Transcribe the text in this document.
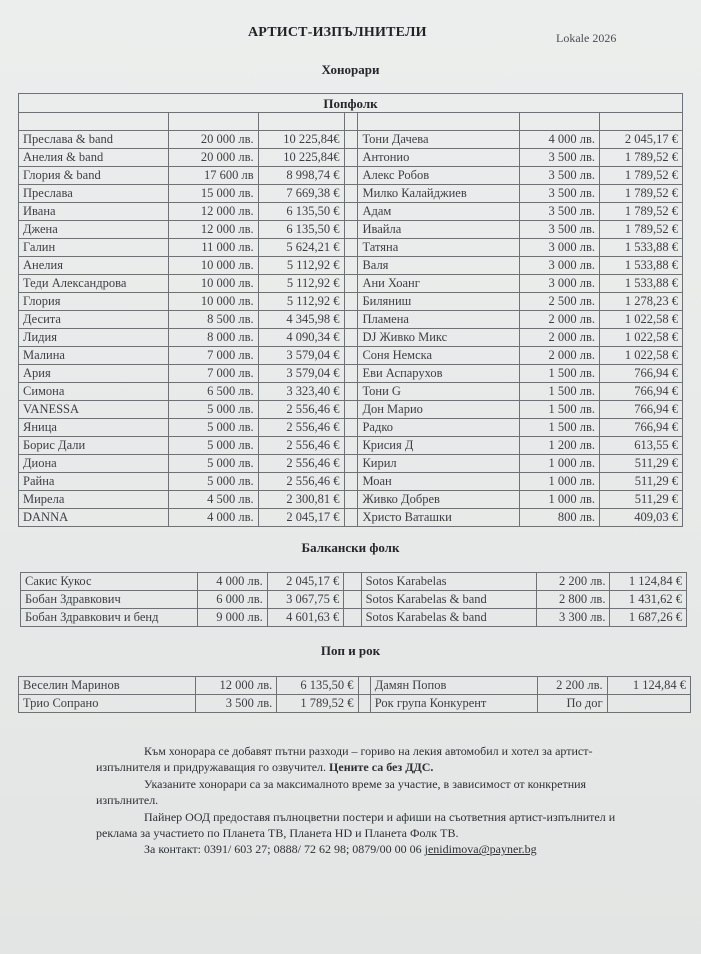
АРТИСТ-ИЗПЪЛНИТЕЛИ	Lokale 2026
Хонорари
Попфолк						

Преслава & band	20 000 лв.	10 225,84€		Тони Дачева	4 000 лв.	2 045,17 €
Анелия & band	20 000 лв.	10 225,84€		Антонио	3 500 лв.	1 789,52 €
Глория & band	17 600 лв	8 998,74 €		Алекс Робов	3 500 лв.	1 789,52 €
Преслава	15 000 лв.	7 669,38 €		Милко Калайджиев	3 500 лв.	1 789,52 €
Ивана	12 000 лв.	6 135,50 €		Адам	3 500 лв.	1 789,52 €
Джена	12 000 лв.	6 135,50 €		Ивайла	3 500 лв.	1 789,52 €
Галин	11 000 лв.	5 624,21 €		Татяна	3 000 лв.	1 533,88 €
Анелия	10 000 лв.	5 112,92 €		Валя	3 000 лв.	1 533,88 €
Теди Александрова	10 000 лв.	5 112,92 €		Ани Хоанг	3 000 лв.	1 533,88 €
Глория	10 000 лв.	5 112,92 €		Биляниш	2 500 лв.	1 278,23 €
Десита	8 500 лв.	4 345,98 €		Пламена	2 000 лв.	1 022,58 €
Лидия	8 000 лв.	4 090,34 €		DJ Живко Микс	2 000 лв.	1 022,58 €
Малина	7 000 лв.	3 579,04 €		Соня Немска	2 000 лв.	1 022,58 €
Ария	7 000 лв.	3 579,04 €		Еви Аспарухов	1 500 лв.	766,94 €
Симона	6 500 лв.	3 323,40 €		Тони G	1 500 лв.	766,94 €
VANESSA	5 000 лв.	2 556,46 €		Дон Марио	1 500 лв.	766,94 €
Яница	5 000 лв.	2 556,46 €		Радко	1 500 лв.	766,94 €
Борис Дали	5 000 лв.	2 556,46 €		Крисия Д	1 200 лв.	613,55 €
Диона	5 000 лв.	2 556,46 €		Кирил	1 000 лв.	511,29 €
Райна	5 000 лв.	2 556,46 €		Моан	1 000 лв.	511,29 €
Мирела	4 500 лв.	2 300,81 €		Живко Добрев	1 000 лв.	511,29 €
DANNA	4 000 лв.	2 045,17 €		Христо Ваташки	800 лв.	409,03 €
Балкански фолк
Сакис Кукос	4 000 лв.	2 045,17 €		Sotos Karabelas	2 200 лв.	1 124,84 €
Бобан Здравкович	6 000 лв.	3 067,75 €		Sotos Karabelas & band	2 800 лв.	1 431,62 €
Бобан Здравкович и бенд	9 000 лв.	4 601,63 €		Sotos Karabelas & band	3 300 лв.	1 687,26 €
Поп и рок
Веселин Маринов	12 000 лв.	6 135,50 €		Дамян Попов	2 200 лв.	1 124,84 €
Трио Сопрано	3 500 лв.	1 789,52 €		Рок група Конкурент	По дог	

Към хонорара се добавят пътни разходи – гориво на лекия автомобил и хотел за артист-изпълнителя и придружаващия го озвучител. Цените са без ДДС.

Указаните хонорари са за максималното време за участие, в зависимост от конкретния изпълнител.

Пайнер ООД предоставя пълноцветни постери и афиши на съответния артист-изпълнител и реклама за участието по Планета ТВ, Планета HD и Планета Фолк ТВ.

За контакт: 0391/ 603 27; 0888/ 72 62 98; 0879/00 00 06 jenidimova@payner.bg
